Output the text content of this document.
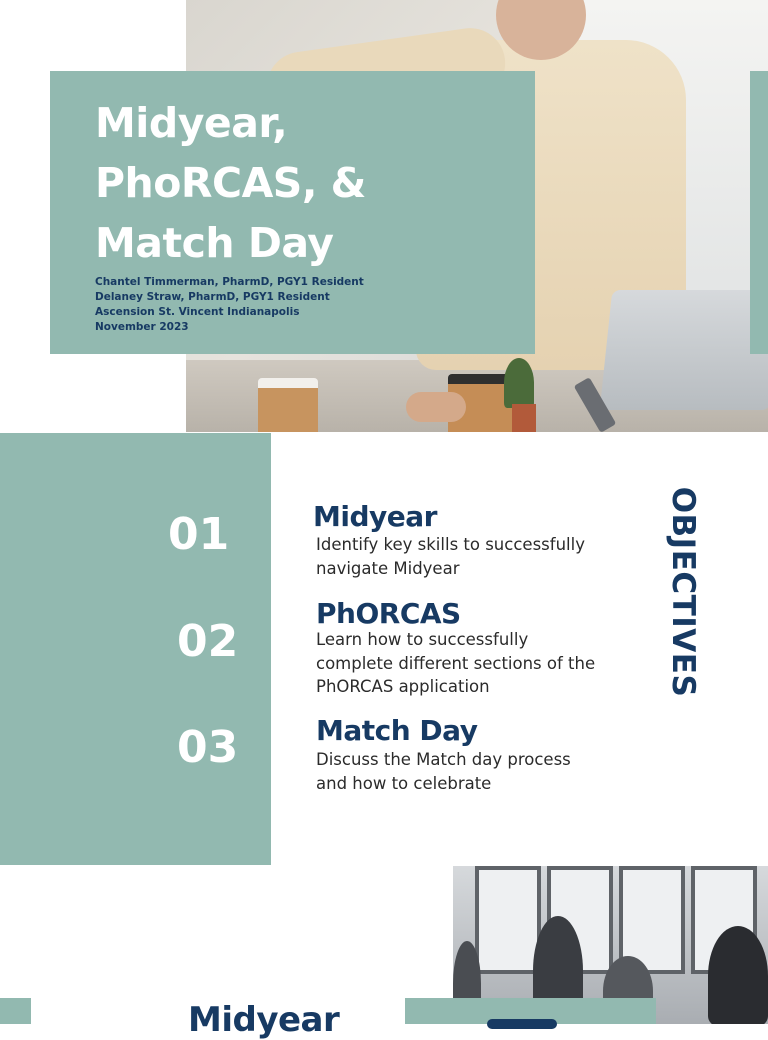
Midyear,
PhoRCAS, &
Match Day
Chantel Timmerman, PharmD, PGY1 Resident
Delaney Straw, PharmD, PGY1 Resident
Ascension St. Vincent Indianapolis
November 2023
01
02
03
Midyear
Identify key skills to successfully navigate Midyear
PhORCAS
Learn how to successfully complete different sections of the PhORCAS application
Match Day
Discuss the Match day process and how to celebrate
OBJECTIVES
Midyear
